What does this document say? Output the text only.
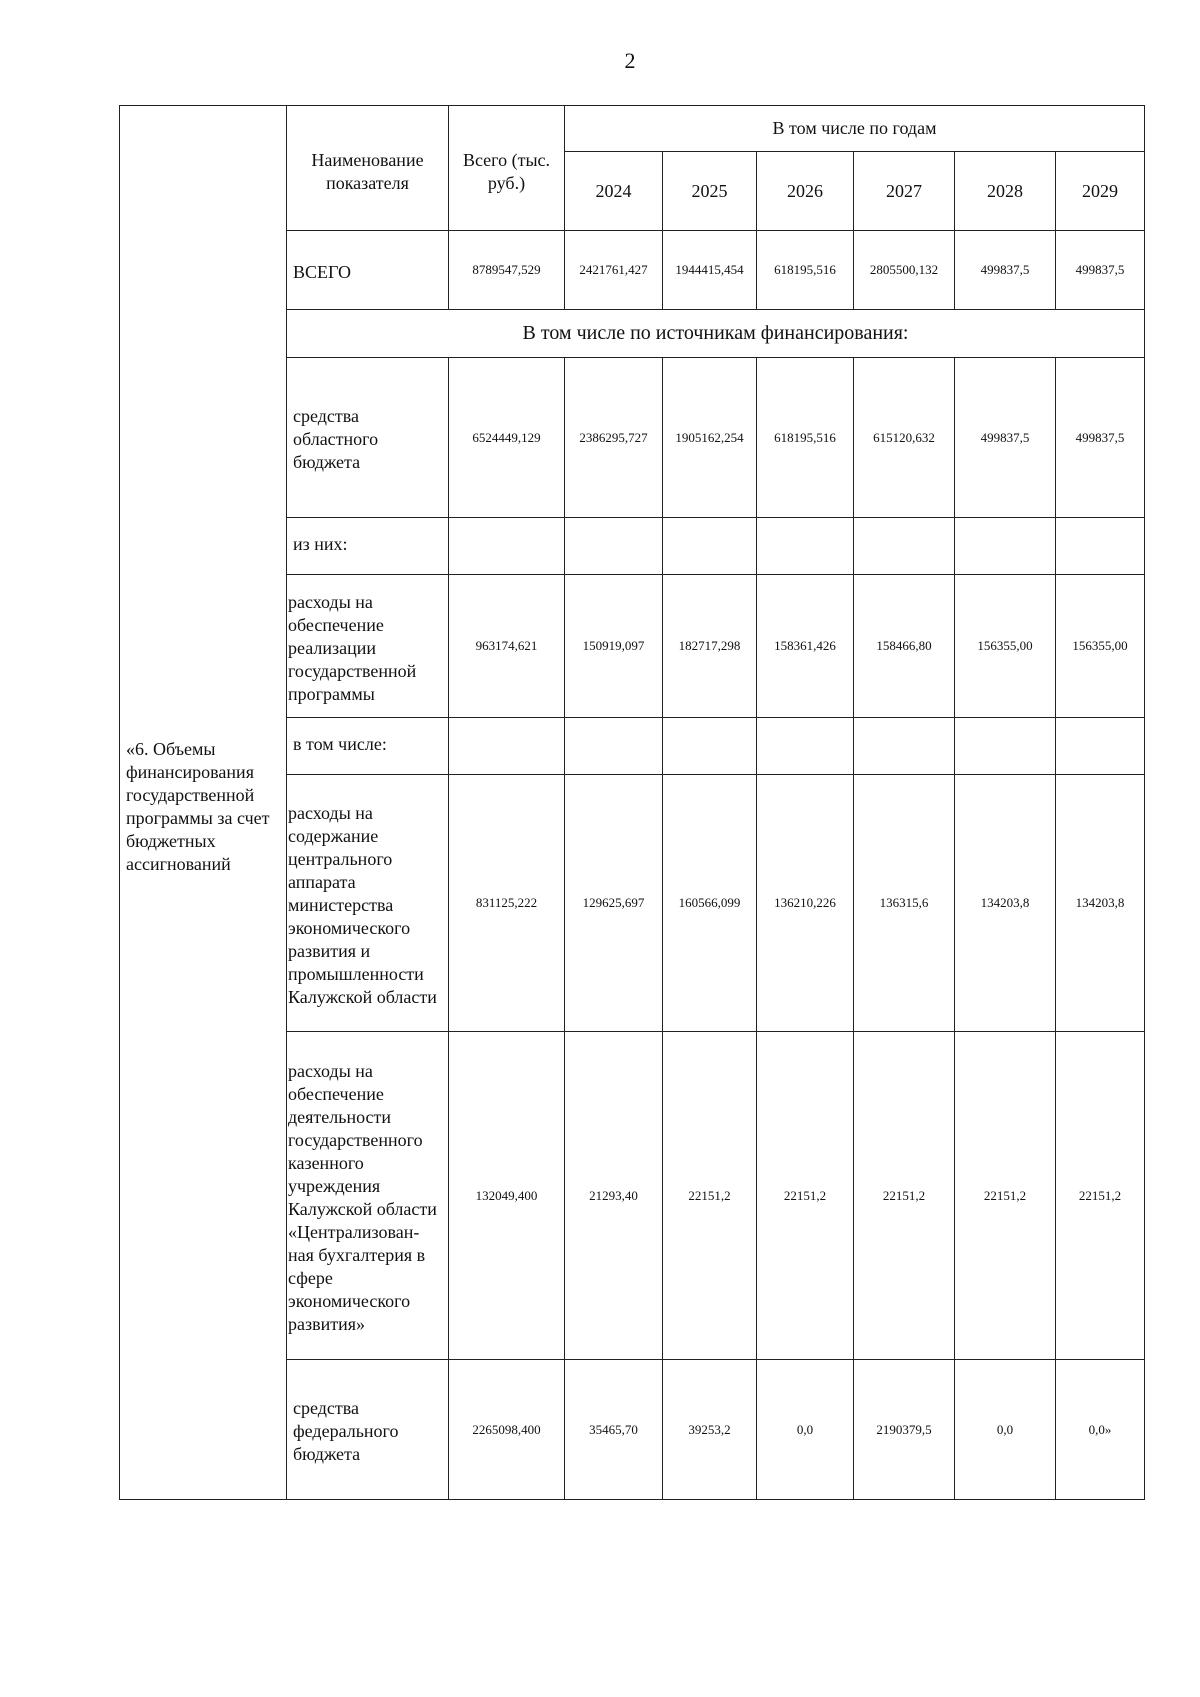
2
«6. Объемы финансирования государственной программы за счет бюджетных ассигнований	Наименование показателя	Всего (тыс. руб.)	В том числе по годам					
			2024	2025	2026	2027	2028	2029
	ВСЕГО	8789547,529	2421761,427	1944415,454	618195,516	2805500,132	499837,5	499837,5
	В том числе по источникам финансирования:							
	средства областного бюджета	6524449,129	2386295,727	1905162,254	618195,516	615120,632	499837,5	499837,5
	из них:							
	расходы на обеспечение реализации государственной программы	963174,621	150919,097	182717,298	158361,426	158466,80	156355,00	156355,00
	в том числе:							
	расходы на содержание центрального аппарата министерства экономического развития и промышленности Калужской области	831125,222	129625,697	160566,099	136210,226	136315,6	134203,8	134203,8
	расходы на обеспечение деятельности государственного казенного учреждения Калужской области «Централизован-ная бухгалтерия в сфере экономического развития»	132049,400	21293,40	22151,2	22151,2	22151,2	22151,2	22151,2
	средства федерального бюджета	2265098,400	35465,70	39253,2	0,0	2190379,5	0,0	0,0»
